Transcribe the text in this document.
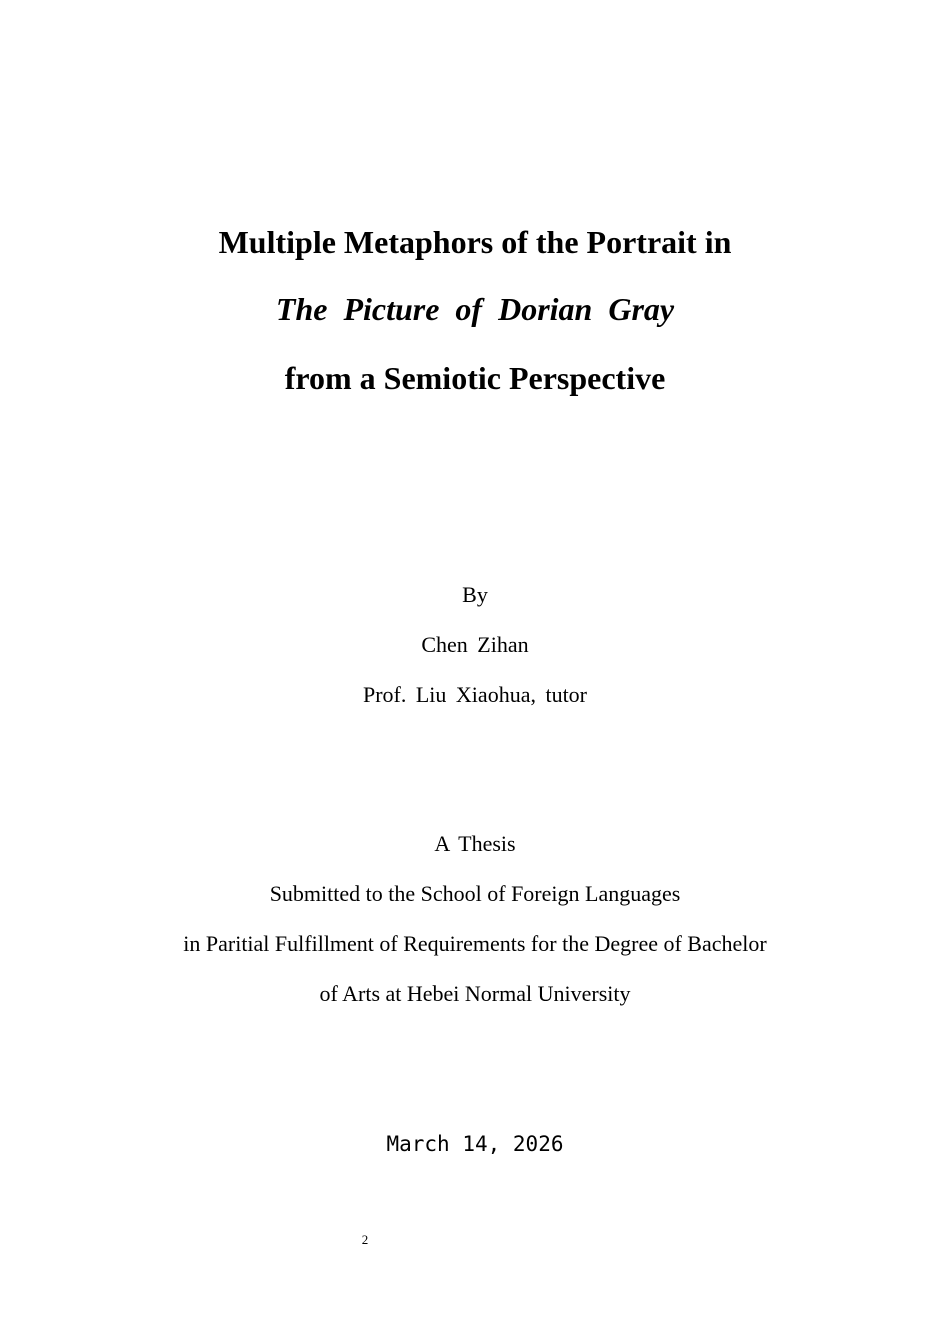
Multiple Metaphors of the Portrait in
The Picture of Dorian Gray
from a Semiotic Perspective
By
Chen Zihan
Prof. Liu Xiaohua, tutor
A Thesis
Submitted to the School of Foreign Languages
in Paritial Fulfillment of Requirements for the Degree of Bachelor
of Arts at Hebei Normal University
March 14, 2026
2
